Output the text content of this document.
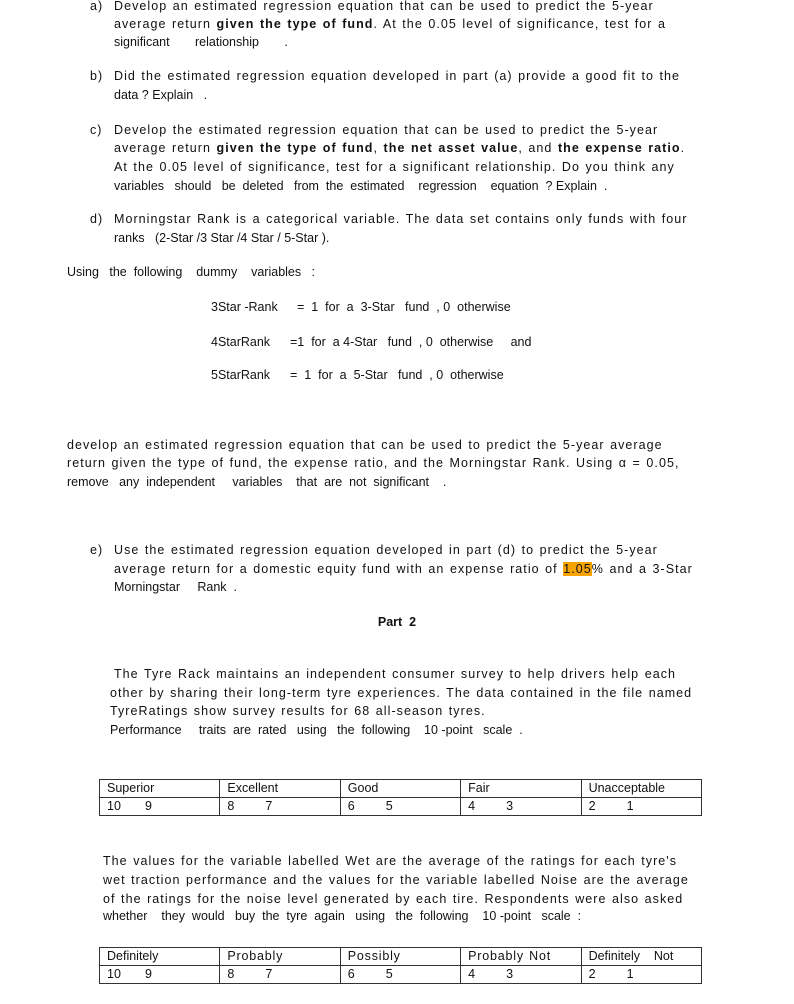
a) Develop an estimated regression equation that can be used to predict the 5-year
average return given the type of fund. At the 0.05 level of significance, test for a
significant   relationship   .
b) Did the estimated regression equation developed in part (a) provide a good fit to the
data ? Explain   .
c) Develop the estimated regression equation that can be used to predict the 5-year
average return given the type of fund, the net asset value, and the expense ratio.
At the 0.05 level of significance, test for a significant relationship. Do you think any
variables   should   be  deleted   from  the  estimated    regression    equation  ? Explain  .
d) Morningstar Rank is a categorical variable. The data set contains only funds with four
ranks   (2-Star /3 Star /4 Star / 5-Star ).
Using   the  following    dummy    variables   :
3Star -Rank =  1  for  a  3-Star   fund  , 0  otherwise
4StarRank =1  for  a 4-Star   fund  , 0  otherwise     and
5StarRank =  1  for  a  5-Star   fund  , 0  otherwise
develop an estimated regression equation that can be used to predict the 5-year average
return given the type of fund, the expense ratio, and the Morningstar Rank. Using α = 0.05,
remove   any  independent     variables    that  are  not  significant    .
e) Use the estimated regression equation developed in part (d) to predict the 5-year
average return for a domestic equity fund with an expense ratio of 1.05% and a 3-Star
Morningstar     Rank  .
Part  2
The Tyre Rack maintains an independent consumer survey to help drivers help each
other by sharing their long-term tyre experiences. The data contained in the file named
TyreRatings show survey results for 68 all-season tyres.
Performance     traits  are  rated   using   the  following    10 -point   scale  .
Superior	Excellent	Good	Fair	Unacceptable
10 9	8 7	6 5	4 3	2 1
The values for the variable labelled Wet are the average of the ratings for each tyre's
wet traction performance and the values for the variable labelled Noise are the average
of the ratings for the noise level generated by each tire. Respondents were also asked
whether    they  would   buy  the  tyre  again   using   the  following    10 -point   scale  :
Definitely	Probably	Possibly	Probably Not	Definitely    Not
10 9	8 7	6 5	4 3	2 1
